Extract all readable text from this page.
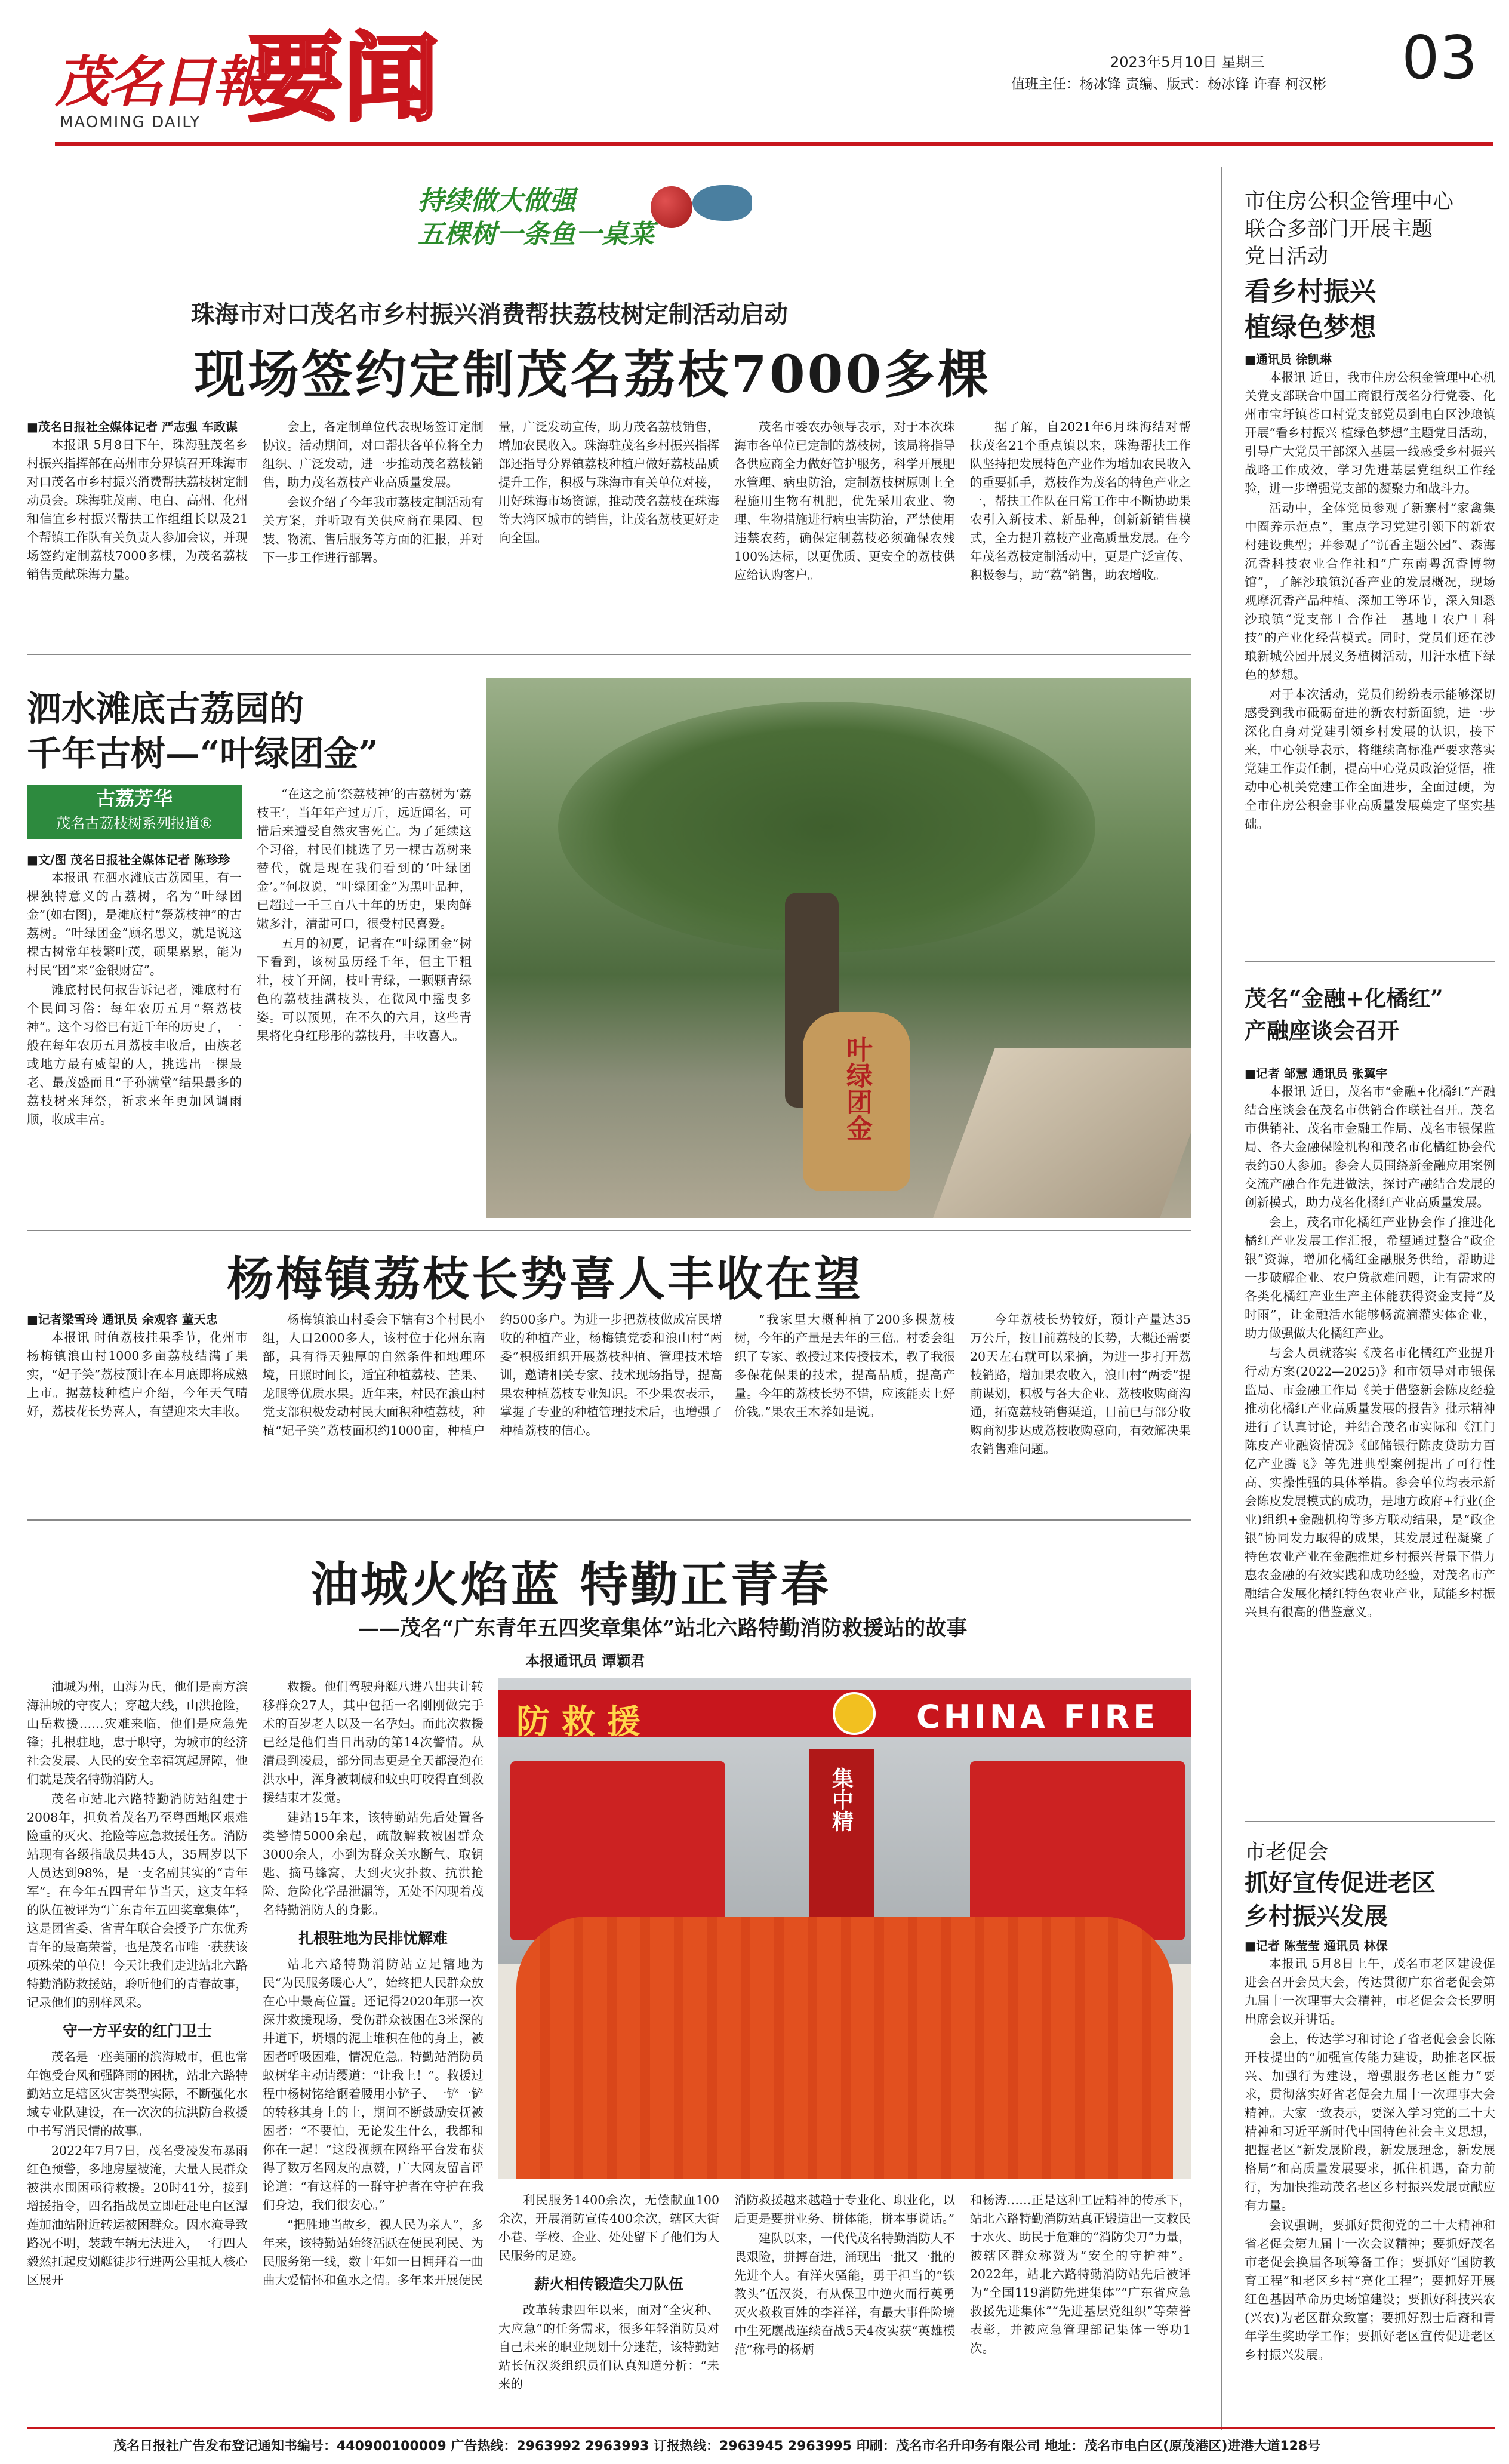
茂名日報
MAOMING DAILY 要闻	2023年5月10日 星期三
值班主任：杨冰锋 责编、版式：杨冰锋 许春 柯汉彬 03
持续做大做强
五棵树一条鱼一桌菜
珠海市对口茂名市乡村振兴消费帮扶荔枝树定制活动启动
现场签约定制茂名荔枝7000多棵
■茂名日报社全媒体记者 严志强 车政谋

本报讯 5月8日下午，珠海驻茂名乡村振兴指挥部在高州市分界镇召开珠海市对口茂名市乡村振兴消费帮扶荔枝树定制动员会。珠海驻茂南、电白、高州、化州和信宜乡村振兴帮扶工作组组长以及21个帮镇工作队有关负责人参加会议，并现场签约定制荔枝7000多棵，为茂名荔枝销售贡献珠海力量。

会上，各定制单位代表现场签订定制协议。活动期间，对口帮扶各单位将全力组织、广泛发动，进一步推动茂名荔枝销售，助力茂名荔枝产业高质量发展。

会议介绍了今年我市荔枝定制活动有关方案，并听取有关供应商在果园、包装、物流、售后服务等方面的汇报，并对下一步工作进行部署。

量，广泛发动宣传，助力茂名荔枝销售，增加农民收入。珠海驻茂名乡村振兴指挥部还指导分界镇荔枝种植户做好荔枝品质提升工作，积极与珠海市有关单位对接，用好珠海市场资源，推动茂名荔枝在珠海等大湾区城市的销售，让茂名荔枝更好走向全国。

茂名市委农办领导表示，对于本次珠海市各单位已定制的荔枝树，该局将指导各供应商全力做好管护服务，科学开展肥水管理、病虫防治，定制荔枝树原则上全程施用生物有机肥，优先采用农业、物理、生物措施进行病虫害防治，严禁使用违禁农药，确保定制荔枝必须确保农残100%达标，以更优质、更安全的荔枝供应给认购客户。

据了解，自2021年6月珠海结对帮扶茂名21个重点镇以来，珠海帮扶工作队坚持把发展特色产业作为增加农民收入的重要抓手，荔枝作为茂名的特色产业之一，帮扶工作队在日常工作中不断协助果农引入新技术、新品种，创新新销售模式，全力提升荔枝产业高质量发展。在今年茂名荔枝定制活动中，更是广泛宣传、积极参与，助“荔”销售，助农增收。

泗水滩底古荔园的
千年古树—“叶绿团金”
古荔芳华
茂名古荔枝树系列报道⑥
■文/图 茂名日报社全媒体记者 陈珍珍

本报讯 在泗水滩底古荔园里，有一棵独特意义的古荔树，名为“叶绿团金”(如右图)，是滩底村“祭荔枝神”的古荔树。“叶绿团金”顾名思义，就是说这棵古树常年枝繁叶茂，硕果累累，能为村民“团”来“金银财富”。

滩底村民何叔告诉记者，滩底村有个民间习俗：每年农历五月“祭荔枝神”。这个习俗已有近千年的历史了，一般在每年农历五月荔枝丰收后，由族老或地方最有威望的人，挑选出一棵最老、最茂盛而且“子孙满堂”结果最多的荔枝树来拜祭，祈求来年更加风调雨顺，收成丰富。

“在这之前‘祭荔枝神’的古荔树为‘荔枝王’，当年年产过万斤，远近闻名，可惜后来遭受自然灾害死亡。为了延续这个习俗，村民们挑选了另一棵古荔树来替代，就是现在我们看到的‘叶绿团金’。”何叔说，“叶绿团金”为黑叶品种，已超过一千三百八十年的历史，果肉鲜嫩多汁，清甜可口，很受村民喜爱。

五月的初夏，记者在“叶绿团金”树下看到，该树虽历经千年，但主干粗壮，枝丫开阔，枝叶青绿，一颗颗青绿色的荔枝挂满枝头，在微风中摇曳多姿。可以预见，在不久的六月，这些青果将化身红彤彤的荔枝丹，丰收喜人。	叶绿团金
杨梅镇荔枝长势喜人丰收在望
■记者梁雪玲 通讯员 余观容 董天忠

本报讯 时值荔枝挂果季节，化州市杨梅镇浪山村1000多亩荔枝结满了果实，“妃子笑”荔枝预计在本月底即将成熟上市。据荔枝种植户介绍，今年天气晴好，荔枝花长势喜人，有望迎来大丰收。

杨梅镇浪山村委会下辖有3个村民小组，人口2000多人，该村位于化州东南部，具有得天独厚的自然条件和地理环境，日照时间长，适宜种植荔枝、芒果、龙眼等优质水果。近年来，村民在浪山村党支部积极发动村民大面积种植荔枝，种植“妃子笑”荔枝面积约1000亩，种植户约500多户。为进一步把荔枝做成富民增收的种植产业，杨梅镇党委和浪山村“两委”积极组织开展荔枝种植、管理技术培训，邀请相关专家、技术现场指导，提高果农种植荔枝专业知识。不少果农表示，掌握了专业的种植管理技术后，也增强了种植荔枝的信心。

“我家里大概种植了200多棵荔枝树，今年的产量是去年的三倍。村委会组织了专家、教授过来传授技术，教了我很多保花保果的技术，提高品质，提高产量。今年的荔枝长势不错，应该能卖上好价钱。”果农王木养如是说。

今年荔枝长势较好，预计产量达35万公斤，按目前荔枝的长势，大概还需要20天左右就可以采摘，为进一步打开荔枝销路，增加果农收入，浪山村“两委”提前谋划，积极与各大企业、荔枝收购商沟通，拓宽荔枝销售渠道，目前已与部分收购商初步达成荔枝收购意向，有效解决果农销售难问题。

油城火焰蓝 特勤正青春
——茂名“广东青年五四奖章集体”站北六路特勤消防救援站的故事
本报通讯员 谭颖君

油城为州，山海为氏，他们是南方滨海油城的守夜人；穿越大线，山洪抢险，山岳救援……灾难来临，他们是应急先锋；扎根驻地，忠于职守，为城市的经济社会发展、人民的安全幸福筑起屏障，他们就是茂名特勤消防人。

茂名市站北六路特勤消防站组建于2008年，担负着茂名乃至粤西地区艰难险重的灭火、抢险等应急救援任务。消防站现有各级指战员共45人，35周岁以下人员达到98%，是一支名副其实的“青年军”。在今年五四青年节当天，这支年轻的队伍被评为“广东青年五四奖章集体”，这是团省委、省青年联合会授予广东优秀青年的最高荣誉，也是茂名市唯一获获该项殊荣的单位！今天让我们走进站北六路特勤消防救援站，聆听他们的青春故事，记录他们的别样风采。

守一方平安的红门卫士

茂名是一座美丽的滨海城市，但也常年饱受台风和强降雨的困扰，站北六路特勤站立足辖区灾害类型实际，不断强化水域专业队建设，在一次次的抗洪防台救援中书写消民情的故事。

2022年7月7日，茂名受凌发布暴雨红色预警，多地房屋被淹，大量人民群众被洪水围困亟待救援。20时41分，接到增援指令，四名指战员立即赶赴电白区潭莲加油站附近转运被困群众。因水淹导致路况不明，装载车辆无法进入，一行四人毅然扛起皮划艇徒步行进两公里抵人核心区展开

救援。他们驾驶舟艇八进八出共计转移群众27人，其中包括一名刚刚做完手术的百岁老人以及一名孕妇。而此次救援已经是他们当日出动的第14次警情。从清晨到凌晨，部分同志更是全天都浸泡在洪水中，浑身被刺破和蚊虫叮咬得直到救援结束才发觉。

建站15年来，该特勤站先后处置各类警情5000余起，疏散解救被困群众3000余人，小到为群众关水断气、取钥匙、摘马蜂窝，大到火灾扑救、抗洪抢险、危险化学品泄漏等，无处不闪现着茂名特勤消防人的身影。

扎根驻地为民排忧解难

站北六路特勤消防站立足辖地为民“为民服务暖心人”，始终把人民群众放在心中最高位置。还记得2020年那一次深井救援现场，受伤群众被困在3米深的井道下，坍塌的泥土堆积在他的身上，被困者呼吸困难，情况危急。特勤站消防员蚁树华主动请缨道：“让我上！”。救援过程中杨树铭给钢着腰用小铲子、一铲一铲的转移其身上的土，期间不断鼓励安抚被困者：“不要怕，无论发生什么，我都和你在一起！”这段视频在网络平台发布获得了数万名网友的点赞，广大网友留言评论道：“有这样的一群守护者在守护在我们身边，我们很安心。”

“把胜地当故乡，视人民为亲人”，多年来，该特勤站始终活跃在便民利民、为民服务第一线，数十年如一日拥拜着一曲曲大爱情怀和鱼水之情。多年来开展便民

防救援	CHINA FIRE
集中精

利民服务1400余次，无偿献血100余次，开展消防宣传400余次，辖区大街小巷、学校、企业、处处留下了他们为人民服务的足迹。

薪火相传锻造尖刀队伍

改革转隶四年以来，面对“全灾种、大应急”的任务需求，很多年轻消防员对自己未来的职业规划十分迷茫，该特勤站站长伍汉炎组织员们认真知道分析：“未来的

消防救援越来越趋于专业化、职业化，以后更是要拼业务、拼体能，拼本事说话。”

建队以来，一代代茂名特勤消防人不畏艰险，拼搏奋进，涌现出一批又一批的先进个人。有洋火骚能，勇于担当的“铁教头”伍汉炎，有从保卫中逆火而行英勇灭火救救百姓的李祥祥，有最大事件险境中生死鏖战连续奋战5天4夜实获“英雄模范”称号的杨炳

和杨涛……正是这种工匠精神的传承下，站北六路特勤消防站真正锻造出一支救民于水火、助民于危难的“消防尖刀”力量，被辖区群众称赞为“安全的守护神”。2022年，站北六路特勤消防站先后被评为“全国119消防先进集体”“广东省应急救援先进集体”“先进基层党组织”等荣誉表彰，并被应急管理部记集体一等功1次。

市住房公积金管理中心
联合多部门开展主题
党日活动
看乡村振兴
植绿色梦想
■通讯员 徐凯琳

本报讯 近日，我市住房公积金管理中心机关党支部联合中国工商银行茂名分行党委、化州市宝圩镇苍口村党支部党员到电白区沙琅镇开展“看乡村振兴 植绿色梦想”主题党日活动，引导广大党员干部深入基层一线感受乡村振兴战略工作成效，学习先进基层党组织工作经验，进一步增强党支部的凝聚力和战斗力。

活动中，全体党员参观了新寨村“家禽集中圈养示范点”，重点学习党建引领下的新农村建设典型；并参观了“沉香主题公园”、森海沉香科技农业合作社和“广东南粤沉香博物馆”，了解沙琅镇沉香产业的发展概况，现场观摩沉香产品种植、深加工等环节，深入知悉沙琅镇“党支部＋合作社＋基地＋农户＋科技”的产业化经营模式。同时，党员们还在沙琅新城公园开展义务植树活动，用汗水植下绿色的梦想。

对于本次活动，党员们纷纷表示能够深切感受到我市砥砺奋进的新农村新面貌，进一步深化自身对党建引领乡村发展的认识，接下来，中心领导表示，将继续高标准严要求落实党建工作责任制，提高中心党员政治觉悟，推动中心机关党建工作全面进步，全面过硬，为全市住房公积金事业高质量发展奠定了坚实基础。

茂名“金融+化橘红”
产融座谈会召开
■记者 邹慧 通讯员 张翼宇

本报讯 近日，茂名市“金融+化橘红”产融结合座谈会在茂名市供销合作联社召开。茂名市供销社、茂名市金融工作局、茂名市银保监局、各大金融保险机构和茂名市化橘红协会代表约50人参加。参会人员围绕新金融应用案例交流产融合作先进做法，探讨产融结合发展的创新模式，助力茂名化橘红产业高质量发展。

会上，茂名市化橘红产业协会作了推进化橘红产业发展工作汇报，希望通过整合“政企银”资源，增加化橘红金融服务供给，帮助进一步破解企业、农户贷款难问题，让有需求的各类化橘红产业生产主体能获得资金支持“及时雨”，让金融活水能够畅流滴灌实体企业，助力做强做大化橘红产业。

与会人员就落实《茂名市化橘红产业提升行动方案(2022—2025)》和市领导对市银保监局、市金融工作局《关于借鉴新会陈皮经验推动化橘红产业高质量发展的报告》批示精神进行了认真讨论，并结合茂名市实际和《江门陈皮产业融资情况》《邮储银行陈皮贷助力百亿产业腾飞》等先进典型案例提出了可行性高、实操性强的具体举措。参会单位均表示新会陈皮发展模式的成功，是地方政府+行业(企业)组织+金融机构等多方联动结果，是“政企银”协同发力取得的成果，其发展过程凝聚了特色农业产业在金融推进乡村振兴背景下借力惠农金融的有效实践和成功经验，对茂名市产融结合发展化橘红特色农业产业，赋能乡村振兴具有很高的借鉴意义。

市老促会
抓好宣传促进老区
乡村振兴发展
■记者 陈莹莹 通讯员 林保

本报讯 5月8日上午，茂名市老区建设促进会召开会员大会，传达贯彻广东省老促会第九届十一次理事大会精神，市老促会会长罗明出席会议并讲话。

会上，传达学习和讨论了省老促会会长陈开枝提出的“加强宣传能力建设，助推老区振兴、加强行为建设，增强服务老区能力”要求，贯彻落实好省老促会九届十一次理事大会精神。大家一致表示，要深入学习党的二十大精神和习近平新时代中国特色社会主义思想，把握老区“新发展阶段，新发展理念，新发展格局”和高质量发展要求，抓住机遇，奋力前行，为加快推动茂名老区乡村振兴发展贡献应有力量。

会议强调，要抓好贯彻党的二十大精神和省老促会第九届十一次会议精神；要抓好茂名市老促会换届各项筹备工作；要抓好“国防教育工程”和老区乡村“亮化工程”；要抓好开展红色基因革命历史场馆建设；要抓好科技兴农(兴农)为老区群众致富；要抓好烈士后裔和青年学生奖助学工作；要抓好老区宣传促进老区乡村振兴发展。

茂名日报社广告发布登记通知书编号：440900100009 广告热线：2963992 2963993 订报热线：2963945 2963995 印刷：茂名市名升印务有限公司 地址：茂名市电白区(原茂港区)进港大道128号
